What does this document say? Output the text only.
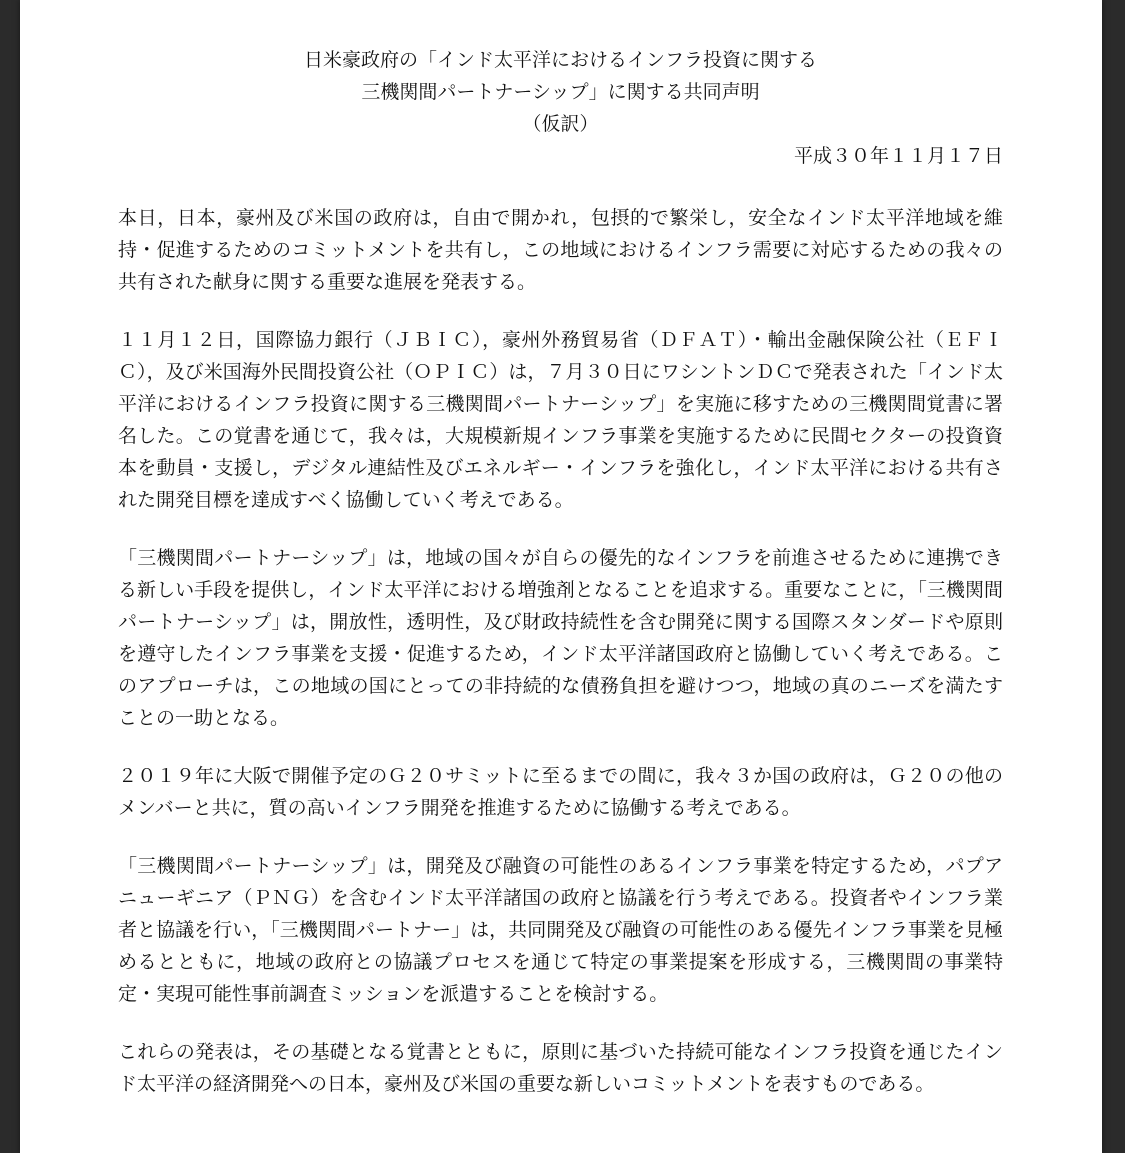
日米豪政府の「インド太平洋におけるインフラ投資に関する
三機関間パートナーシップ」に関する共同声明
（仮訳）

平成３０年１１月１７日

本日，日本，豪州及び米国の政府は，自由で開かれ，包摂的で繁栄し，安全なインド太平洋地域を維持・促進するためのコミットメントを共有し，この地域におけるインフラ需要に対応するための我々の共有された献身に関する重要な進展を発表する。

１１月１２日，国際協力銀行（ＪＢＩＣ），豪州外務貿易省（ＤＦＡＴ）・輸出金融保険公社（ＥＦＩＣ），及び米国海外民間投資公社（ＯＰＩＣ）は，７月３０日にワシントンＤＣで発表された「インド太平洋におけるインフラ投資に関する三機関間パートナーシップ」を実施に移すための三機関間覚書に署名した。この覚書を通じて，我々は，大規模新規インフラ事業を実施するために民間セクターの投資資本を動員・支援し，デジタル連結性及びエネルギー・インフラを強化し，インド太平洋における共有された開発目標を達成すべく協働していく考えである。

「三機関間パートナーシップ」は，地域の国々が自らの優先的なインフラを前進させるために連携できる新しい手段を提供し，インド太平洋における増強剤となることを追求する。重要なことに，「三機関間パートナーシップ」は，開放性，透明性，及び財政持続性を含む開発に関する国際スタンダードや原則を遵守したインフラ事業を支援・促進するため，インド太平洋諸国政府と協働していく考えである。このアプローチは，この地域の国にとっての非持続的な債務負担を避けつつ，地域の真のニーズを満たすことの一助となる。

２０１９年に大阪で開催予定のＧ２０サミットに至るまでの間に，我々３か国の政府は，Ｇ２０の他のメンバーと共に，質の高いインフラ開発を推進するために協働する考えである。

「三機関間パートナーシップ」は，開発及び融資の可能性のあるインフラ事業を特定するため，パプアニューギニア（ＰＮＧ）を含むインド太平洋諸国の政府と協議を行う考えである。投資者やインフラ業者と協議を行い，「三機関間パートナー」は，共同開発及び融資の可能性のある優先インフラ事業を見極めるとともに，地域の政府との協議プロセスを通じて特定の事業提案を形成する，三機関間の事業特定・実現可能性事前調査ミッションを派遣することを検討する。

これらの発表は，その基礎となる覚書とともに，原則に基づいた持続可能なインフラ投資を通じたインド太平洋の経済開発への日本，豪州及び米国の重要な新しいコミットメントを表すものである。
